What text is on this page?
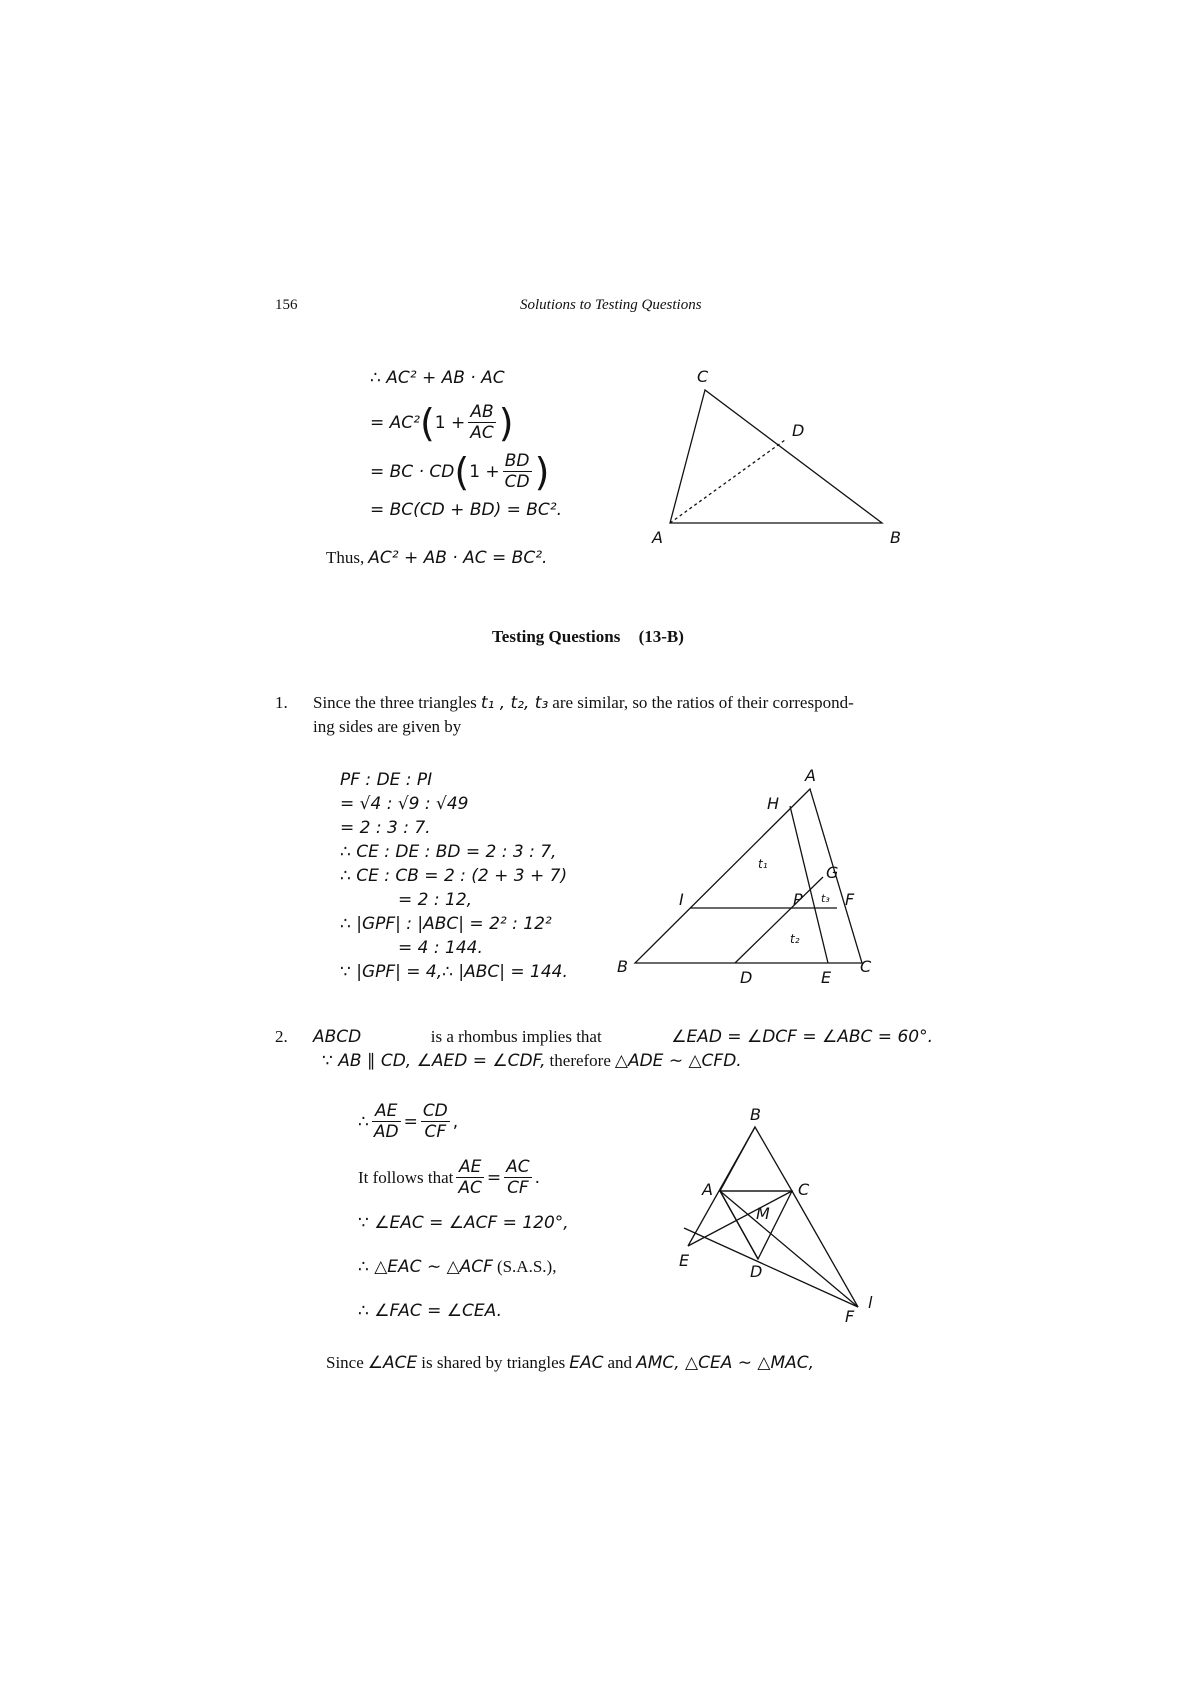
156	Solutions to Testing Questions
∴ AC² + AB · AC
= AC² ( $1 + \frac{AB}{AC}$ )
= BC · CD ( $1 + \frac{BD}{CD}$ )
= BC(CD + BD) = BC².
Thus, AC² + AB · AC = BC².
C
D
A	B
Testing Questions (13-B)
1. Since the three triangles t₁ , t₂, t₃ are similar, so the ratios of their correspond-
ing sides are given by
PF : DE : PI
= √4 : √9 : √49
= 2 : 3 : 7.
∴ CE : DE : BD = 2 : 3 : 7,
∴ CE : CB = 2 : (2 + 3 + 7)
= 2 : 12,
∴ |GPF| : |ABC| = 2² : 12²
= 4 : 144.
∵ |GPF| = 4,∴ |ABC| = 144.
A
H
G
I	P	F
B
D	E
C
t₁
t₂
t₃
2. ABCD	is a rhombus implies that	∠EAD = ∠DCF = ∠ABC = 60°.
∵ AB ∥ CD, ∠AED = ∠CDF, therefore △ADE ∼ △CFD.
∴ $\frac{AE}{AD} = \frac{CD}{CF}$ ,
It follows that $\frac{AE}{AC} = \frac{AC}{CF}$ .
∵ ∠EAC = ∠ACF = 120°,
∴ △EAC ∼ △ACF (S.A.S.),
∴ ∠FAC = ∠CEA.
B
A	C
M
E
D
F
l
Since ∠ACE is shared by triangles EAC and AMC, △CEA ∼ △MAC,
